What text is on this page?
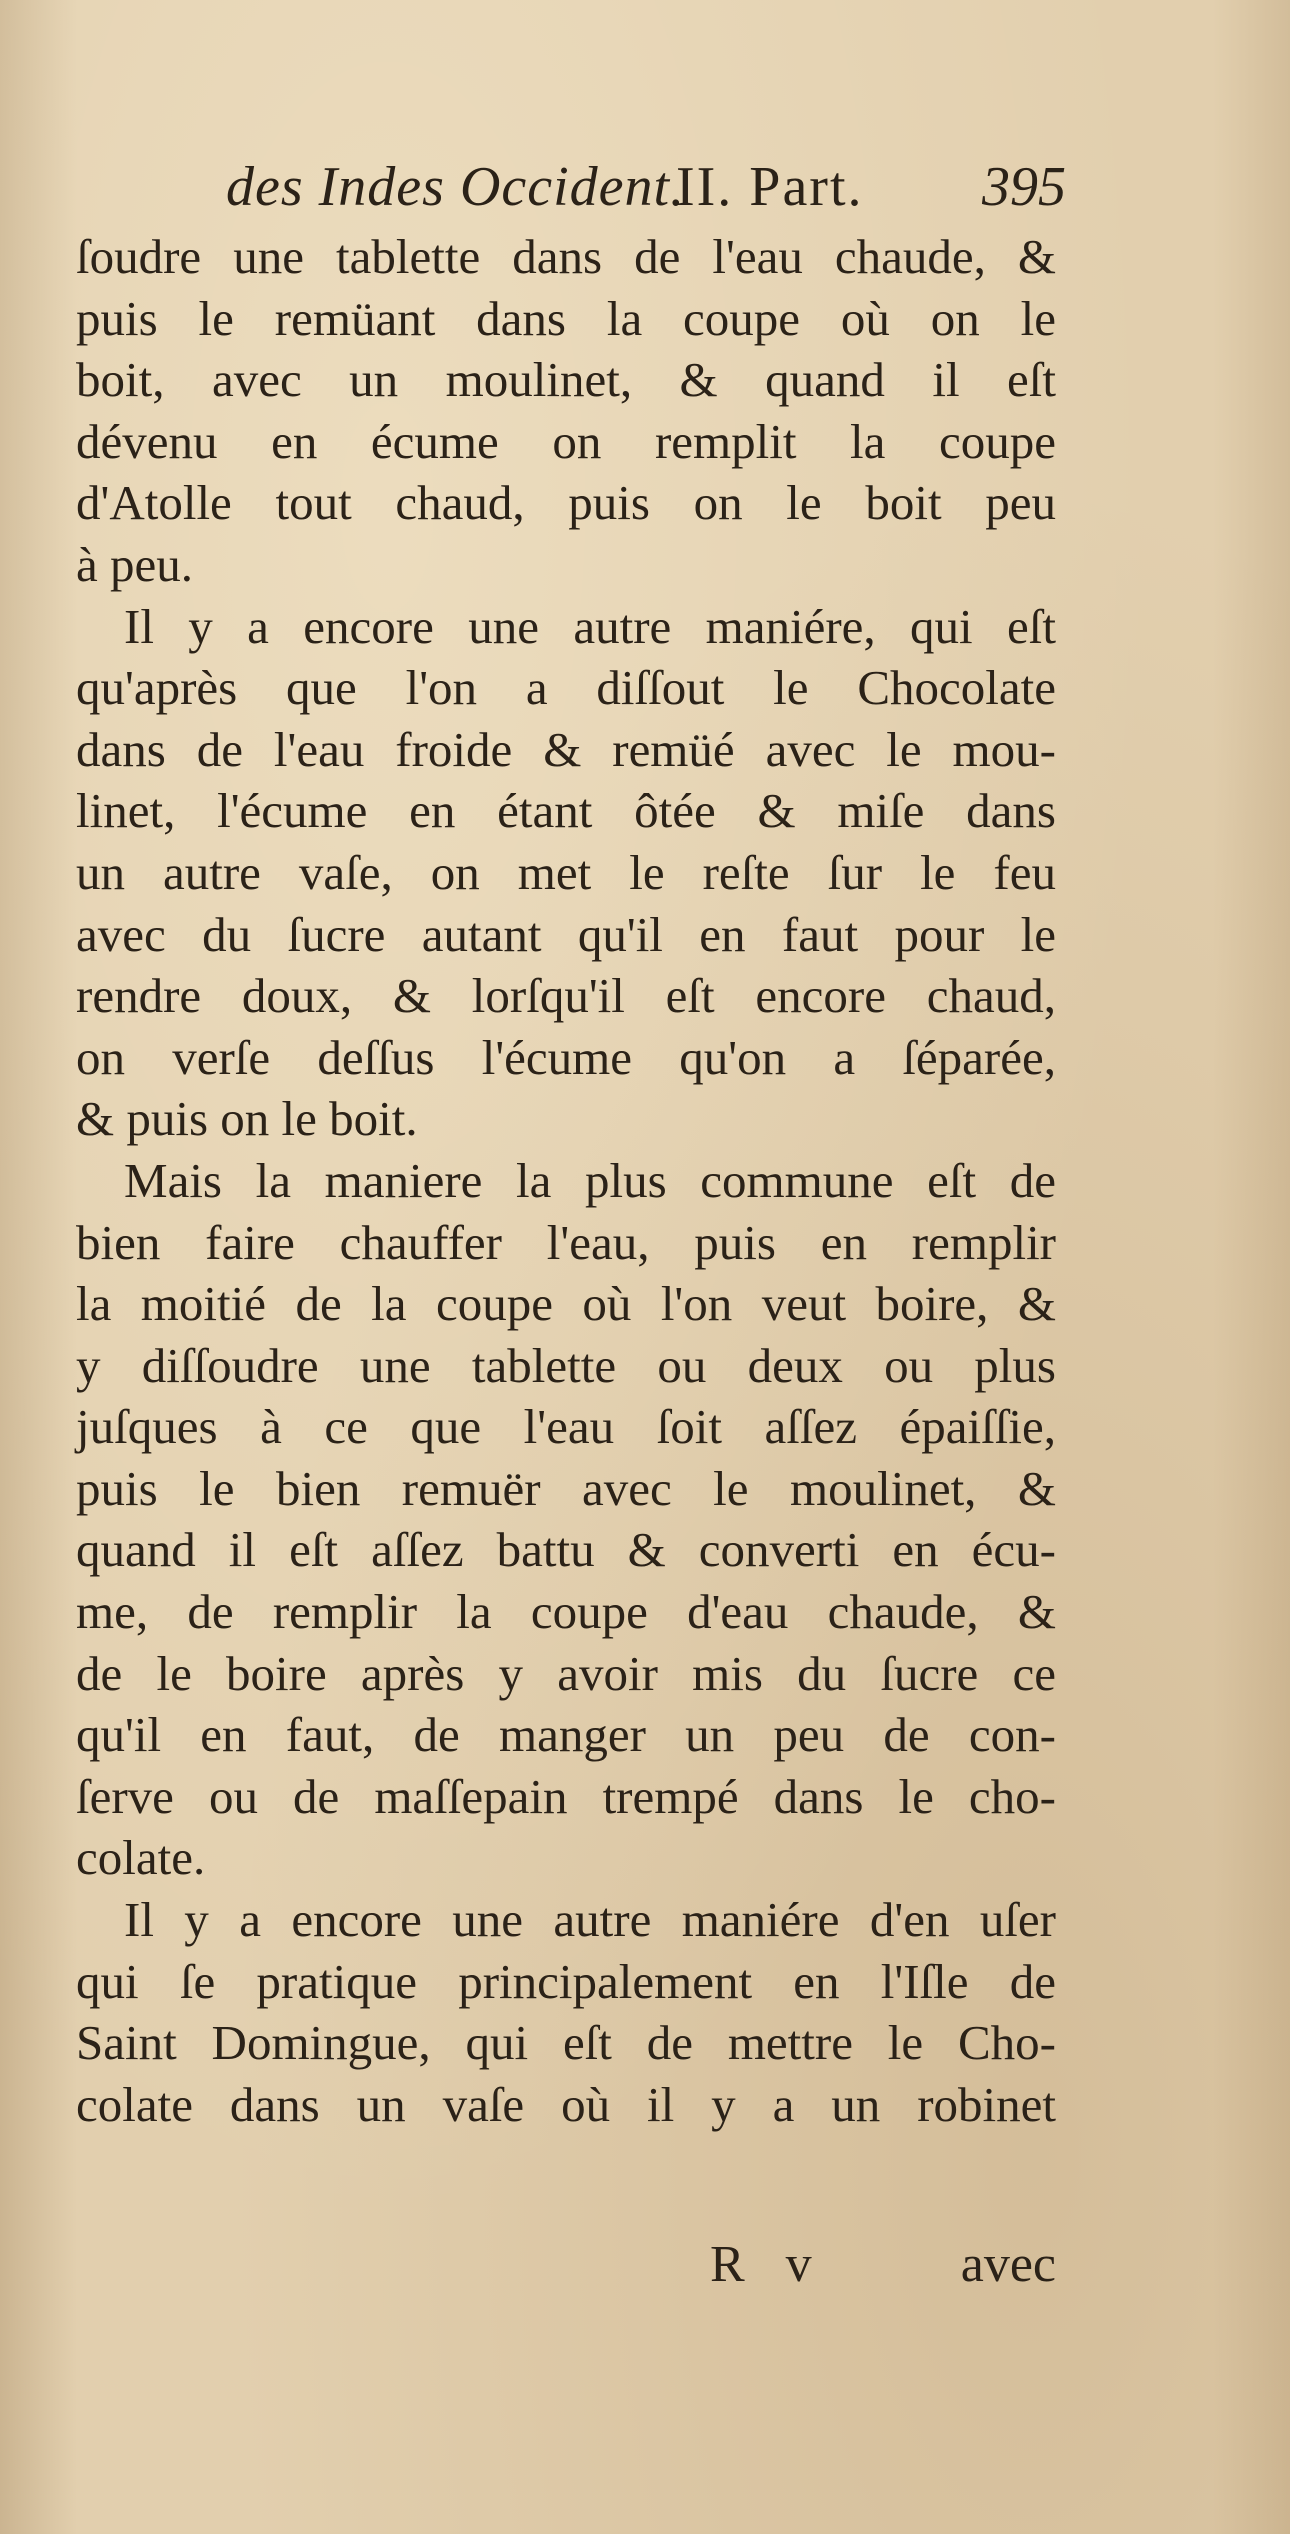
des Indes Occident.
II. Part. 395

ſoudre une tablette dans de l'eau chaude, &
puis le remüant dans la coupe où on le
boit, avec un moulinet, & quand il eſt
dévenu en écume on remplit la coupe
d'Atolle tout chaud, puis on le boit peu
à peu.
Il y a encore une autre maniére, qui eſt
qu'après que l'on a diſſout le Chocolate
dans de l'eau froide & remüé avec le mou-
linet, l'écume en étant ôtée & miſe dans
un autre vaſe, on met le reſte ſur le feu
avec du ſucre autant qu'il en faut pour le
rendre doux, & lorſqu'il eſt encore chaud,
on verſe deſſus l'écume qu'on a ſéparée,
& puis on le boit.
Mais la maniere la plus commune eſt de
bien faire chauffer l'eau, puis en remplir
la moitié de la coupe où l'on veut boire, &
y diſſoudre une tablette ou deux ou plus
juſques à ce que l'eau ſoit aſſez épaiſſie,
puis le bien remuër avec le moulinet, &
quand il eſt aſſez battu & converti en écu-
me, de remplir la coupe d'eau chaude, &
de le boire après y avoir mis du ſucre ce
qu'il en faut, de manger un peu de con-
ſerve ou de maſſepain trempé dans le cho-
colate.
Il y a encore une autre maniére d'en uſer
qui ſe pratique principalement en l'Iſle de
Saint Domingue, qui eſt de mettre le Cho-
colate dans un vaſe où il y a un robinet

R v	avec
